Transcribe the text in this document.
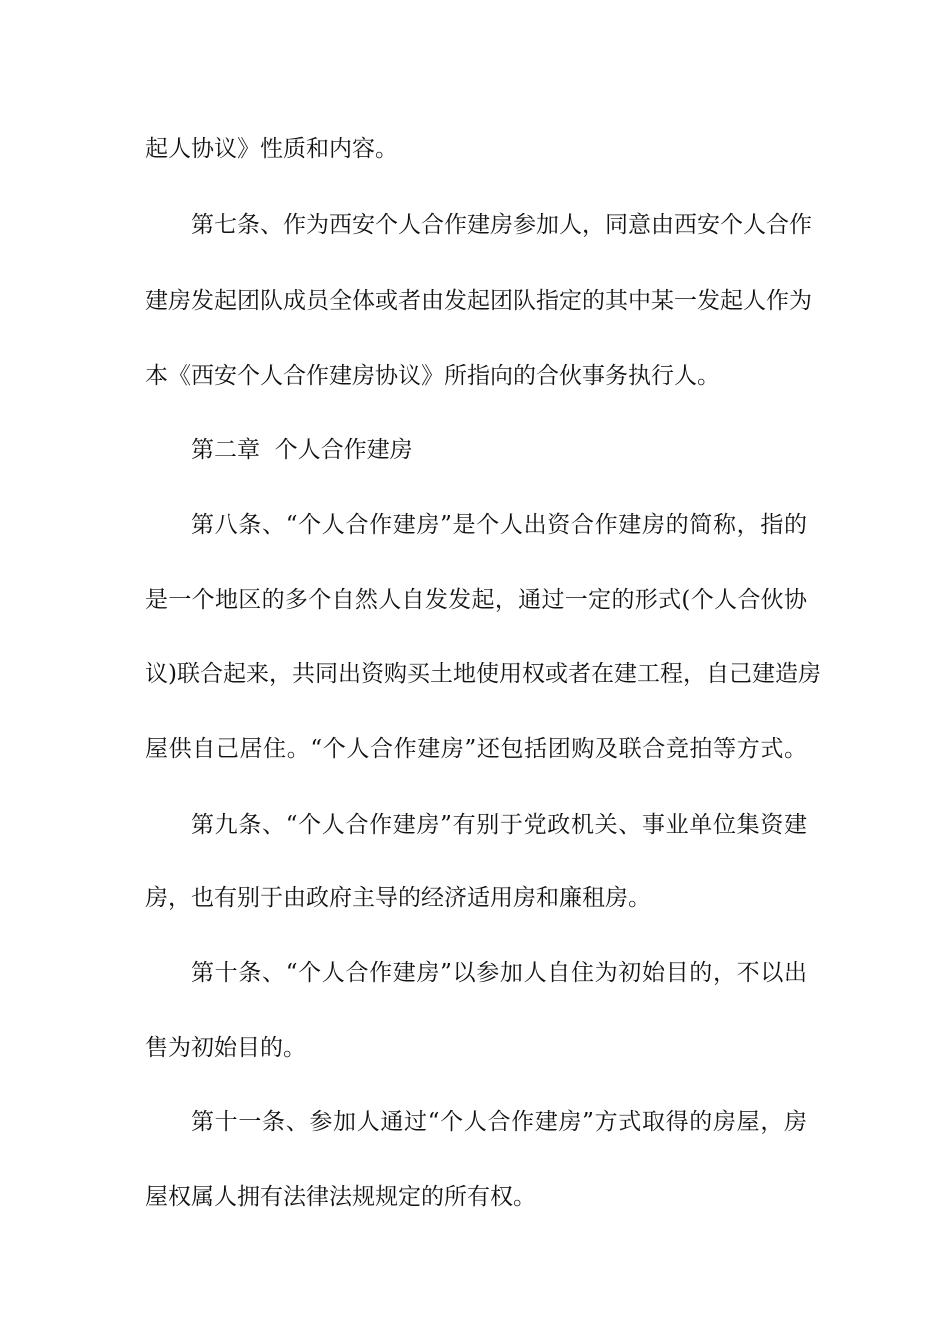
起人协议》性质和内容。
第七条、作为西安个人合作建房参加人，同意由西安个人合作
建房发起团队成员全体或者由发起团队指定的其中某一发起人作为
本《西安个人合作建房协议》所指向的合伙事务执行人。
第二章  个人合作建房
第八条、“个人合作建房”是个人出资合作建房的简称，指的
是一个地区的多个自然人自发发起，通过一定的形式(个人合伙协
议)联合起来，共同出资购买土地使用权或者在建工程，自己建造房
屋供自己居住。“个人合作建房”还包括团购及联合竞拍等方式。
第九条、“个人合作建房”有别于党政机关、事业单位集资建
房，也有别于由政府主导的经济适用房和廉租房。
第十条、“个人合作建房”以参加人自住为初始目的，不以出
售为初始目的。
第十一条、参加人通过“个人合作建房”方式取得的房屋，房
屋权属人拥有法律法规规定的所有权。
